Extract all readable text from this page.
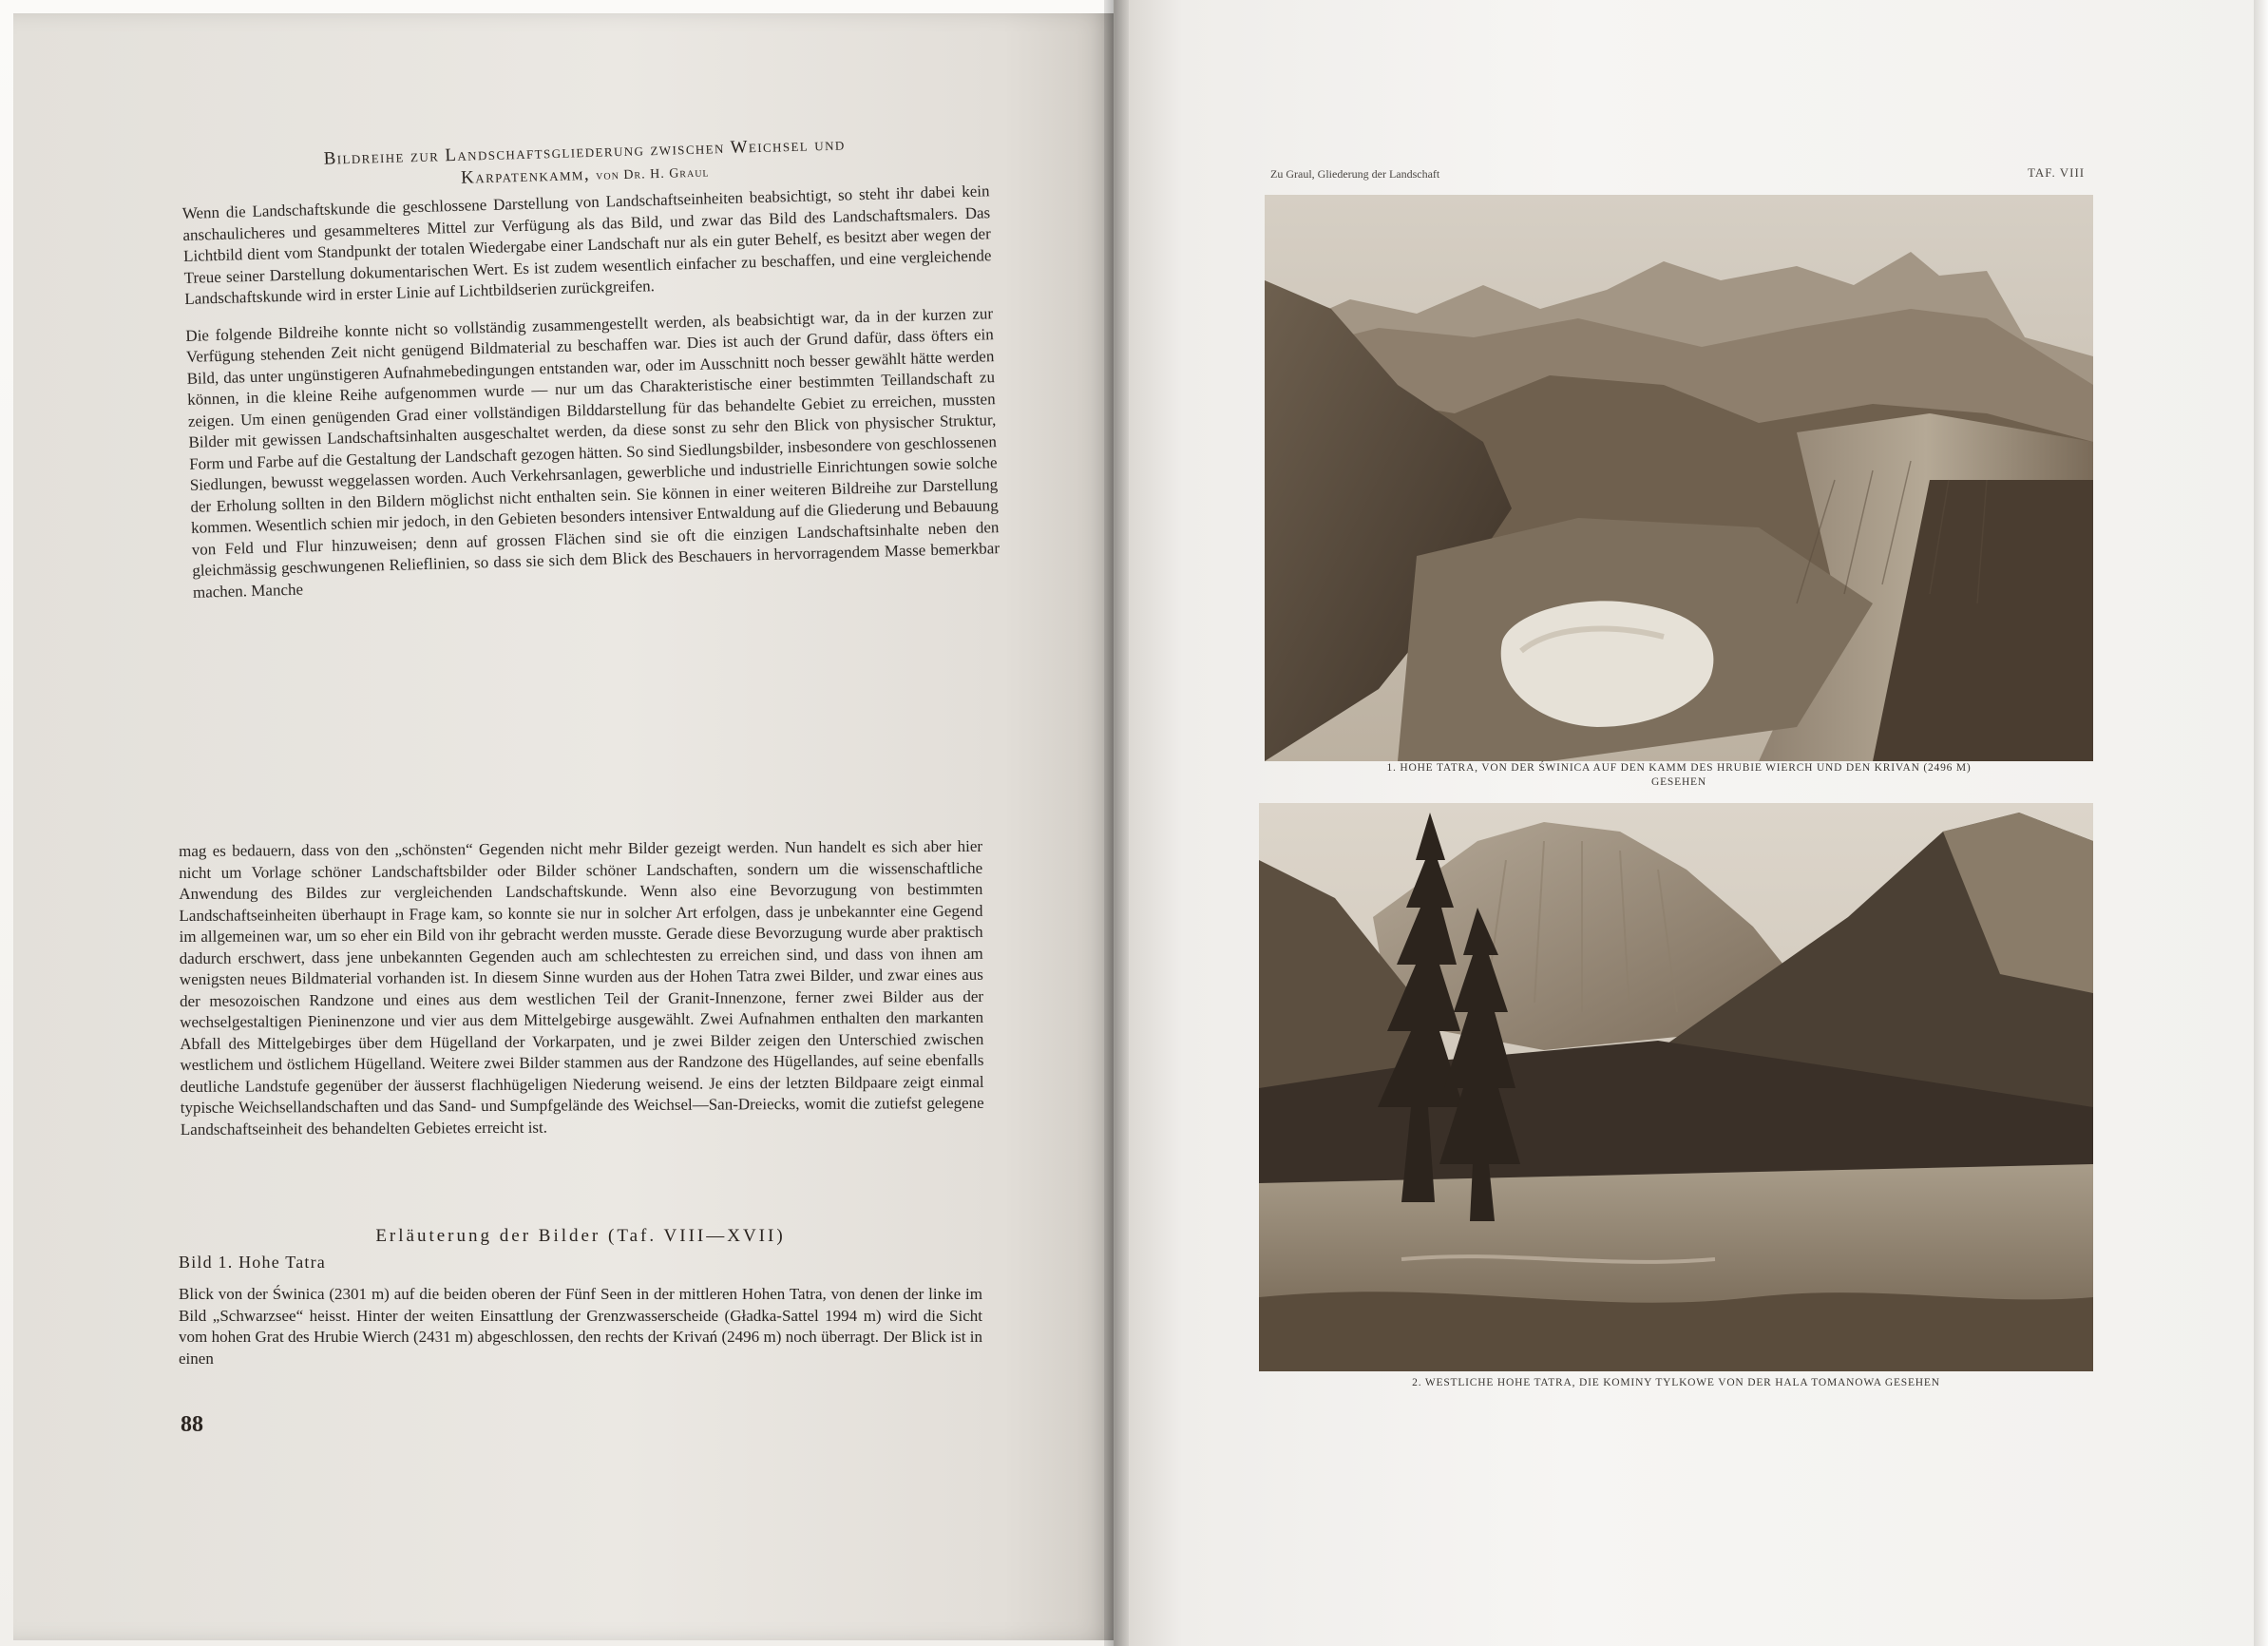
Bildreihe zur Landschaftsgliederung zwischen Weichsel und
Karpatenkamm, von Dr. H. Graul

Wenn die Landschaftskunde die geschlossene Darstellung von Landschaftseinheiten beabsichtigt, so steht ihr dabei kein anschaulicheres und gesammelteres Mittel zur Verfügung als das Bild, und zwar das Bild des Landschaftsmalers. Das Lichtbild dient vom Standpunkt der totalen Wiedergabe einer Landschaft nur als ein guter Behelf, es besitzt aber wegen der Treue seiner Darstellung dokumentarischen Wert. Es ist zudem wesentlich einfacher zu beschaffen, und eine vergleichende Landschaftskunde wird in erster Linie auf Lichtbildserien zurückgreifen.

Die folgende Bildreihe konnte nicht so vollständig zusammengestellt werden, als beabsichtigt war, da in der kurzen zur Verfügung stehenden Zeit nicht genügend Bildmaterial zu beschaffen war. Dies ist auch der Grund dafür, dass öfters ein Bild, das unter ungünstigeren Aufnahmebedingungen entstanden war, oder im Ausschnitt noch besser gewählt hätte werden können, in die kleine Reihe aufgenommen wurde — nur um das Charakteristische einer bestimmten Teillandschaft zu zeigen. Um einen genügenden Grad einer vollständigen Bilddarstellung für das behandelte Gebiet zu erreichen, mussten Bilder mit gewissen Landschaftsinhalten ausgeschaltet werden, da diese sonst zu sehr den Blick von physischer Struktur, Form und Farbe auf die Gestaltung der Landschaft gezogen hätten. So sind Siedlungsbilder, insbesondere von geschlossenen Siedlungen, bewusst weggelassen worden. Auch Verkehrsanlagen, gewerbliche und industrielle Einrichtungen sowie solche der Erholung sollten in den Bildern möglichst nicht enthalten sein. Sie können in einer weiteren Bildreihe zur Darstellung kommen. Wesentlich schien mir jedoch, in den Gebieten besonders intensiver Entwaldung auf die Gliederung und Bebauung von Feld und Flur hinzuweisen; denn auf grossen Flächen sind sie oft die einzigen Landschaftsinhalte neben den gleichmässig geschwungenen Relieflinien, so dass sie sich dem Blick des Beschauers in hervorragendem Masse bemerkbar machen. Manche

mag es bedauern, dass von den „schönsten“ Gegenden nicht mehr Bilder gezeigt werden. Nun handelt es sich aber hier nicht um Vorlage schöner Landschaftsbilder oder Bilder schöner Landschaften, sondern um die wissenschaftliche Anwendung des Bildes zur vergleichenden Landschaftskunde. Wenn also eine Bevorzugung von bestimmten Landschaftseinheiten überhaupt in Frage kam, so konnte sie nur in solcher Art erfolgen, dass je unbekannter eine Gegend im allgemeinen war, um so eher ein Bild von ihr gebracht werden musste. Gerade diese Bevorzugung wurde aber praktisch dadurch erschwert, dass jene unbekannten Gegenden auch am schlechtesten zu erreichen sind, und dass von ihnen am wenigsten neues Bildmaterial vorhanden ist. In diesem Sinne wurden aus der Hohen Tatra zwei Bilder, und zwar eines aus der mesozoischen Randzone und eines aus dem westlichen Teil der Granit-Innenzone, ferner zwei Bilder aus der wechselgestaltigen Pieninenzone und vier aus dem Mittelgebirge ausgewählt. Zwei Aufnahmen enthalten den markanten Abfall des Mittelgebirges über dem Hügelland der Vorkarpaten, und je zwei Bilder zeigen den Unterschied zwischen westlichem und östlichem Hügelland. Weitere zwei Bilder stammen aus der Randzone des Hügellandes, auf seine ebenfalls deutliche Landstufe gegenüber der äusserst flachhügeligen Niederung weisend. Je eins der letzten Bildpaare zeigt einmal typische Weichsellandschaften und das Sand- und Sumpfgelände des Weichsel—San-Dreiecks, womit die zutiefst gelegene Landschaftseinheit des behandelten Gebietes erreicht ist.

Erläuterung der Bilder (Taf. VIII—XVII)
Bild 1. Hohe Tatra

Blick von der Świnica (2301 m) auf die beiden oberen der Fünf Seen in der mittleren Hohen Tatra, von denen der linke im Bild „Schwarzsee“ heisst. Hinter der weiten Einsattlung der Grenzwasserscheide (Gładka-Sattel 1994 m) wird die Sicht vom hohen Grat des Hrubie Wierch (2431 m) abgeschlossen, den rechts der Krivań (2496 m) noch überragt. Der Blick ist in einen

88
Zu Graul, Gliederung der Landschaft	TAF. VIII
1. HOHE TATRA, VON DER ŚWINICA AUF DEN KAMM DES HRUBIE WIERCH UND DEN KRIVAN (2496 M)
GESEHEN
2. WESTLICHE HOHE TATRA, DIE KOMINY TYLKOWE VON DER HALA TOMANOWA GESEHEN
